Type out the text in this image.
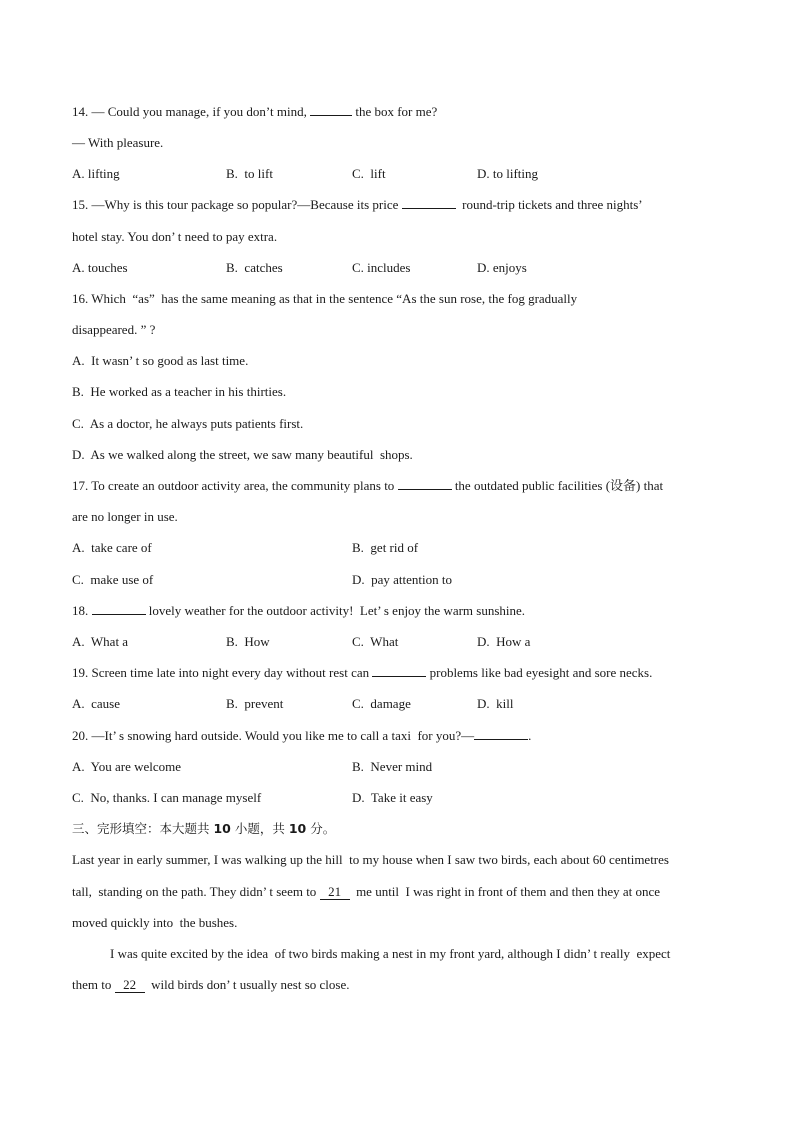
14. — Could you manage, if you don’t mind,	the box for me?
— With pleasure.
A. lifting	B.  to lift	C.  lift	D. to lifting
15. —Why is this tour package so popular?—Because its price	round-trip tickets and three nights’
hotel stay. You don’ t need to pay extra.
A. touches	B.  catches	C. includes	D. enjoys
16. Which  “as”  has the same meaning as that in the sentence “As the sun rose, the fog gradually
disappeared. ” ?
A.  It wasn’ t so good as last time.
B.  He worked as a teacher in his thirties.
C.  As a doctor, he always puts patients first.
D.  As we walked along the street, we saw many beautiful  shops.
17. To create an outdoor activity area, the community plans to	the outdated public facilities (设备) that
are no longer in use.
A.  take care of	B.  get rid of
C.  make use of	D.  pay attention to
18.	lovely weather for the outdoor activity!  Let’ s enjoy the warm sunshine.
A.  What a	B.  How	C.  What	D.  How a
19. Screen time late into night every day without rest can	problems like bad eyesight and sore necks.
A.  cause	B.  prevent	C.  damage	D.  kill
20. —It’ s snowing hard outside. Would you like me to call a taxi  for you?—	.
A.  You are welcome	B.  Never mind
C.  No, thanks. I can manage myself	D.  Take it easy
三、完形填空：本大题共 10 小题，共 10 分。
Last year in early summer, I was walking up the hill  to my house when I saw two birds, each about 60 centimetres
tall,  standing on the path. They didn’ t seem to   21    me until  I was right in front of them and then they at once
moved quickly into  the bushes.
I was quite excited by the idea  of two birds making a nest in my front yard, although I didn’ t really  expect
them to   22    wild birds don’ t usually nest so close.
